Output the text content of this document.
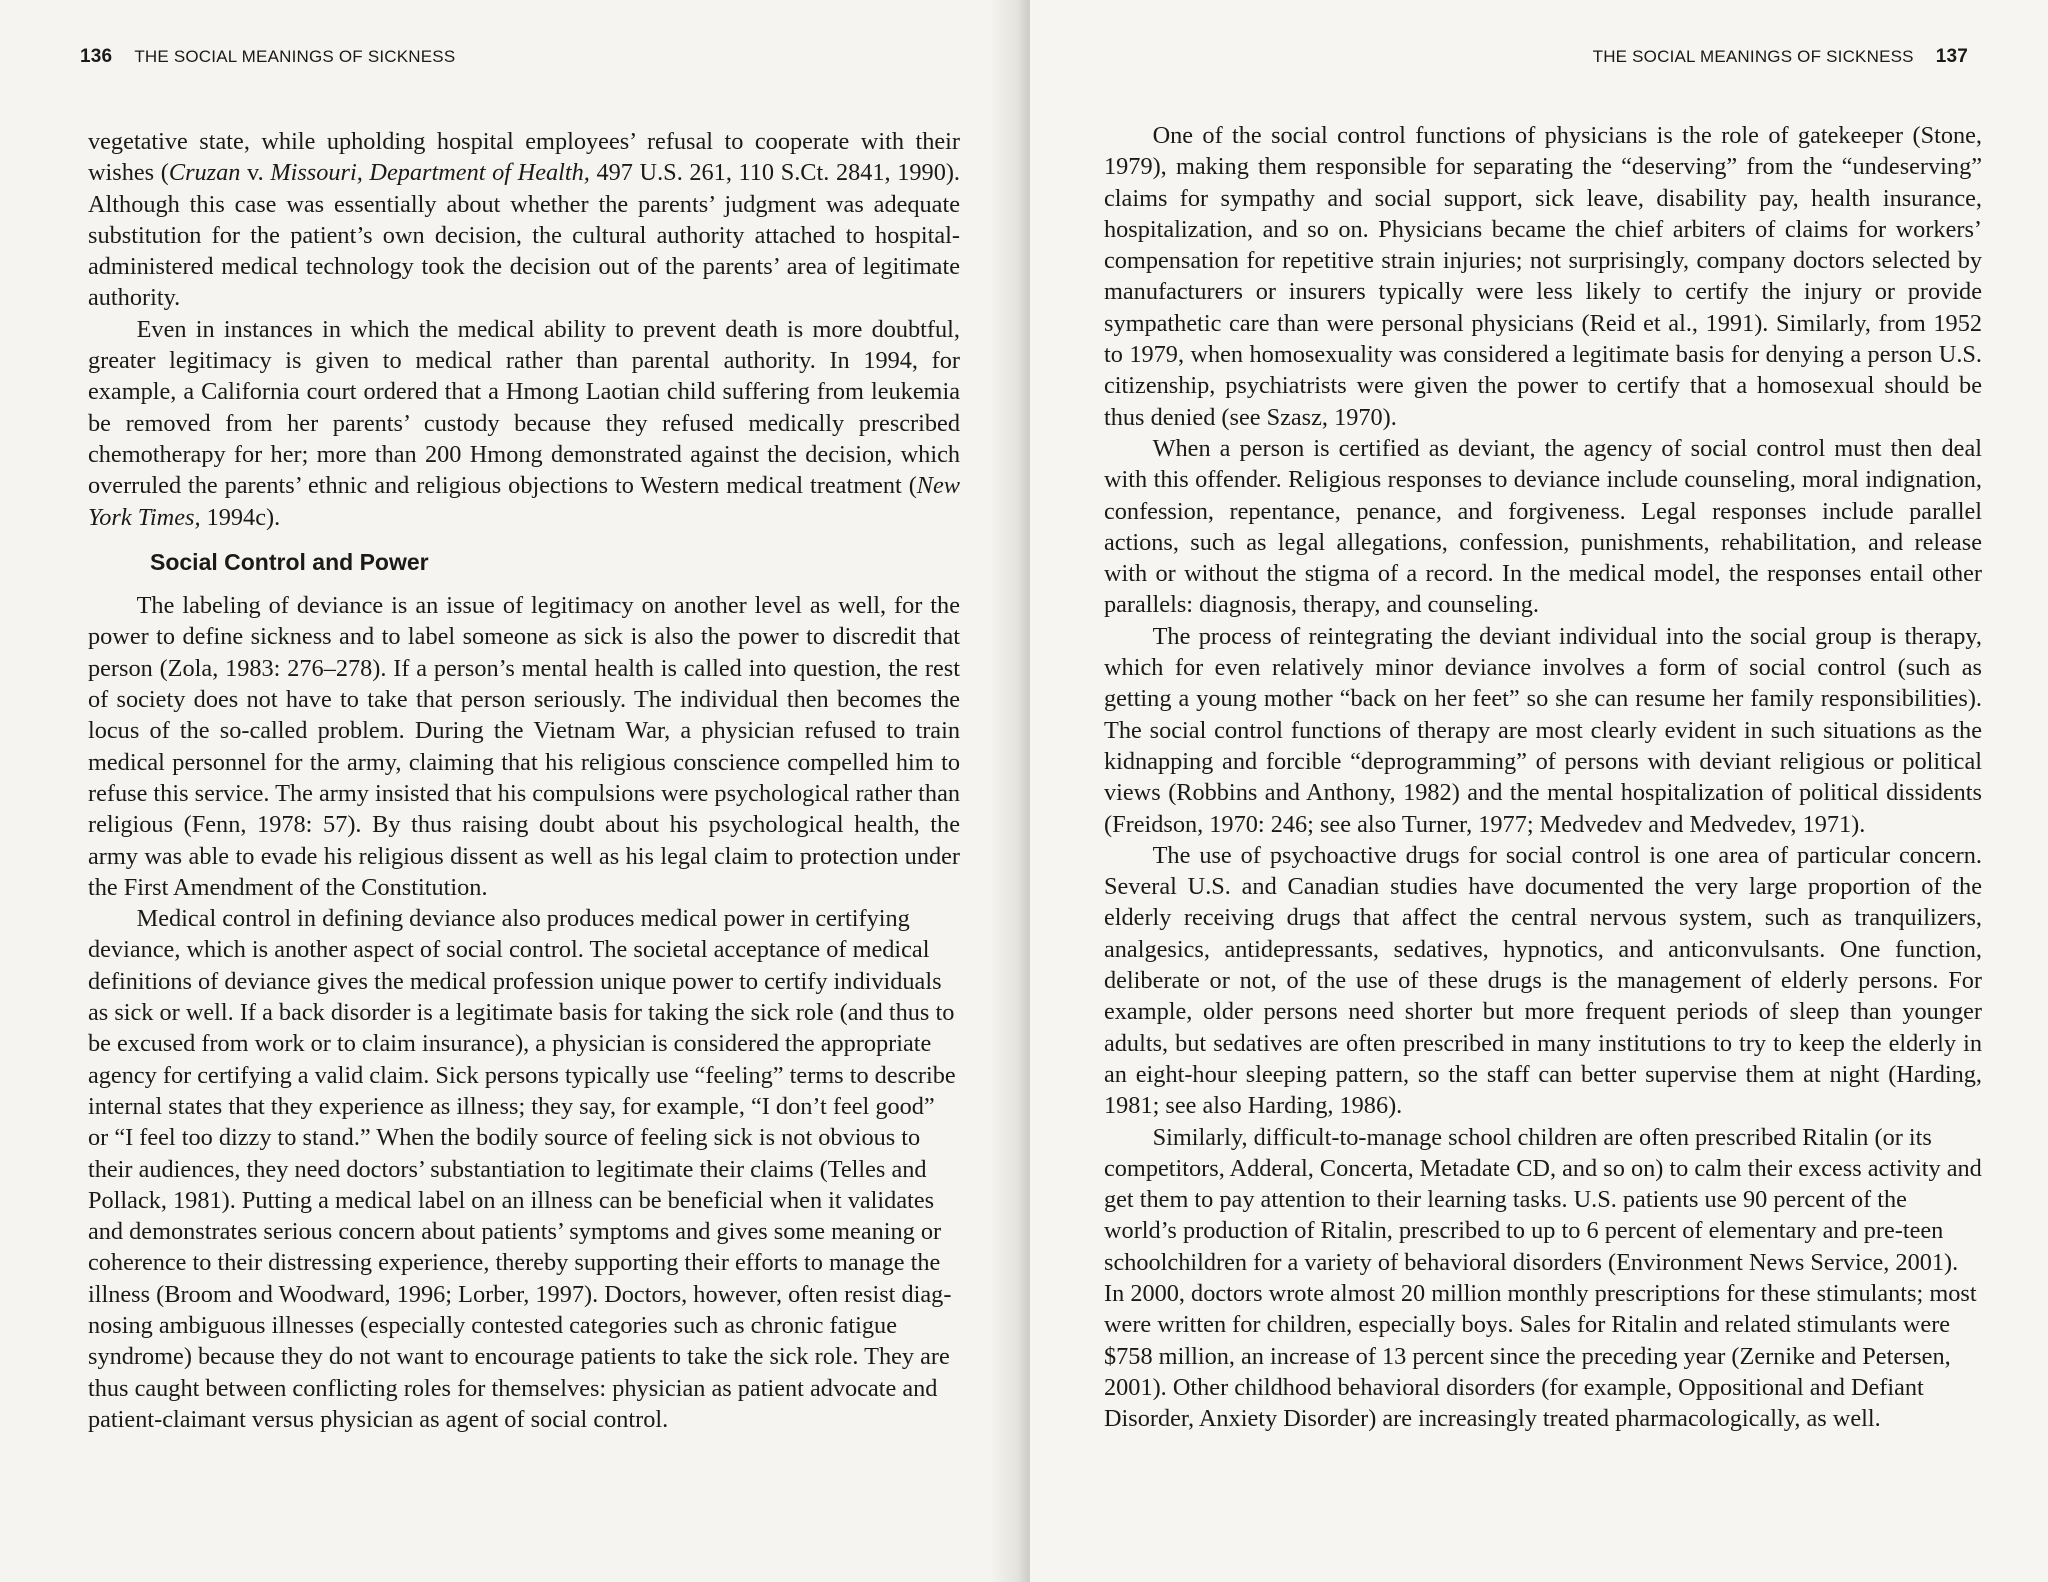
136 THE SOCIAL MEANINGS OF SICKNESS

vegetative state, while upholding hospital employees’ refusal to cooperate with their wishes (Cruzan v. Missouri, Department of Health, 497 U.S. 261, 110 S.Ct. 2841, 1990). Although this case was essentially about whether the parents’ judgment was adequate substitution for the patient’s own decision, the cultural authority attached to hospital-administered medical technology took the decision out of the parents’ area of legitimate authority.

Even in instances in which the medical ability to prevent death is more doubtful, greater legitimacy is given to medical rather than parental authority. In 1994, for example, a California court ordered that a Hmong Laotian child suffering from leukemia be removed from her parents’ custody because they refused medically prescribed chemotherapy for her; more than 200 Hmong demonstrated against the decision, which overruled the parents’ ethnic and religious objections to Western medical treatment (New York Times, 1994c).

Social Control and Power

The labeling of deviance is an issue of legitimacy on another level as well, for the power to define sickness and to label someone as sick is also the power to discredit that person (Zola, 1983: 276–278). If a person’s mental health is called into question, the rest of society does not have to take that person seriously. The individual then becomes the locus of the so-called problem. During the Vietnam War, a physician refused to train medical personnel for the army, claiming that his religious conscience compelled him to refuse this service. The army insisted that his compulsions were psychological rather than religious (Fenn, 1978: 57). By thus raising doubt about his psychological health, the army was able to evade his religious dissent as well as his legal claim to protection under the First Amendment of the Constitution.

Medical control in defining deviance also produces medical power in certifying deviance, which is another aspect of social control. The societal acceptance of medical definitions of deviance gives the medical profession unique power to certify individuals as sick or well. If a back disorder is a legitimate basis for taking the sick role (and thus to be excused from work or to claim insurance), a physician is considered the appropriate agency for certifying a valid claim. Sick persons typically use “feeling” terms to describe internal states that they experience as illness; they say, for example, “I don’t feel good” or “I feel too dizzy to stand.” When the bodily source of feeling sick is not obvious to their audiences, they need doctors’ substantiation to legitimate their claims (Telles and Pollack, 1981). Putting a medical label on an illness can be beneficial when it validates and demonstrates serious concern about patients’ symptoms and gives some meaning or coherence to their distressing experience, thereby supporting their efforts to manage the illness (Broom and Woodward, 1996; Lorber, 1997). Doctors, however, often resist diagnosing ambiguous illnesses (especially contested categories such as chronic fatigue syndrome) because they do not want to encourage patients to take the sick role. They are thus caught between conflicting roles for themselves: physician as patient advocate and patient-claimant versus physician as agent of social control.

THE SOCIAL MEANINGS OF SICKNESS 137

One of the social control functions of physicians is the role of gatekeeper (Stone, 1979), making them responsible for separating the “deserving” from the “undeserving” claims for sympathy and social support, sick leave, disability pay, health insurance, hospitalization, and so on. Physicians became the chief arbiters of claims for workers’ compensation for repetitive strain injuries; not surprisingly, company doctors selected by manufacturers or insurers typically were less likely to certify the injury or provide sympathetic care than were personal physicians (Reid et al., 1991). Similarly, from 1952 to 1979, when homosexuality was considered a legitimate basis for denying a person U.S. citizenship, psychiatrists were given the power to certify that a homosexual should be thus denied (see Szasz, 1970).

When a person is certified as deviant, the agency of social control must then deal with this offender. Religious responses to deviance include counseling, moral indignation, confession, repentance, penance, and forgiveness. Legal responses include parallel actions, such as legal allegations, confession, punishments, rehabilitation, and release with or without the stigma of a record. In the medical model, the responses entail other parallels: diagnosis, therapy, and counseling.

The process of reintegrating the deviant individual into the social group is therapy, which for even relatively minor deviance involves a form of social control (such as getting a young mother “back on her feet” so she can resume her family responsibilities). The social control functions of therapy are most clearly evident in such situations as the kidnapping and forcible “deprogramming” of persons with deviant religious or political views (Robbins and Anthony, 1982) and the mental hospitalization of political dissidents (Freidson, 1970: 246; see also Turner, 1977; Medvedev and Medvedev, 1971).

The use of psychoactive drugs for social control is one area of particular concern. Several U.S. and Canadian studies have documented the very large proportion of the elderly receiving drugs that affect the central nervous system, such as tranquilizers, analgesics, antidepressants, sedatives, hypnotics, and anticonvulsants. One function, deliberate or not, of the use of these drugs is the management of elderly persons. For example, older persons need shorter but more frequent periods of sleep than younger adults, but sedatives are often prescribed in many institutions to try to keep the elderly in an eight-hour sleeping pattern, so the staff can better supervise them at night (Harding, 1981; see also Harding, 1986).

Similarly, difficult-to-manage school children are often prescribed Ritalin (or its competitors, Adderal, Concerta, Metadate CD, and so on) to calm their excess activity and get them to pay attention to their learning tasks. U.S. patients use 90 percent of the world’s production of Ritalin, prescribed to up to 6 percent of elementary and pre-teen schoolchildren for a variety of behavioral disorders (Environment News Service, 2001). In 2000, doctors wrote almost 20 million monthly prescriptions for these stimulants; most were written for children, especially boys. Sales for Ritalin and related stimulants were $758 million, an increase of 13 percent since the preceding year (Zernike and Petersen, 2001). Other childhood behavioral disorders (for example, Oppositional and Defiant Disorder, Anxiety Disorder) are increasingly treated pharmacologically, as well.
